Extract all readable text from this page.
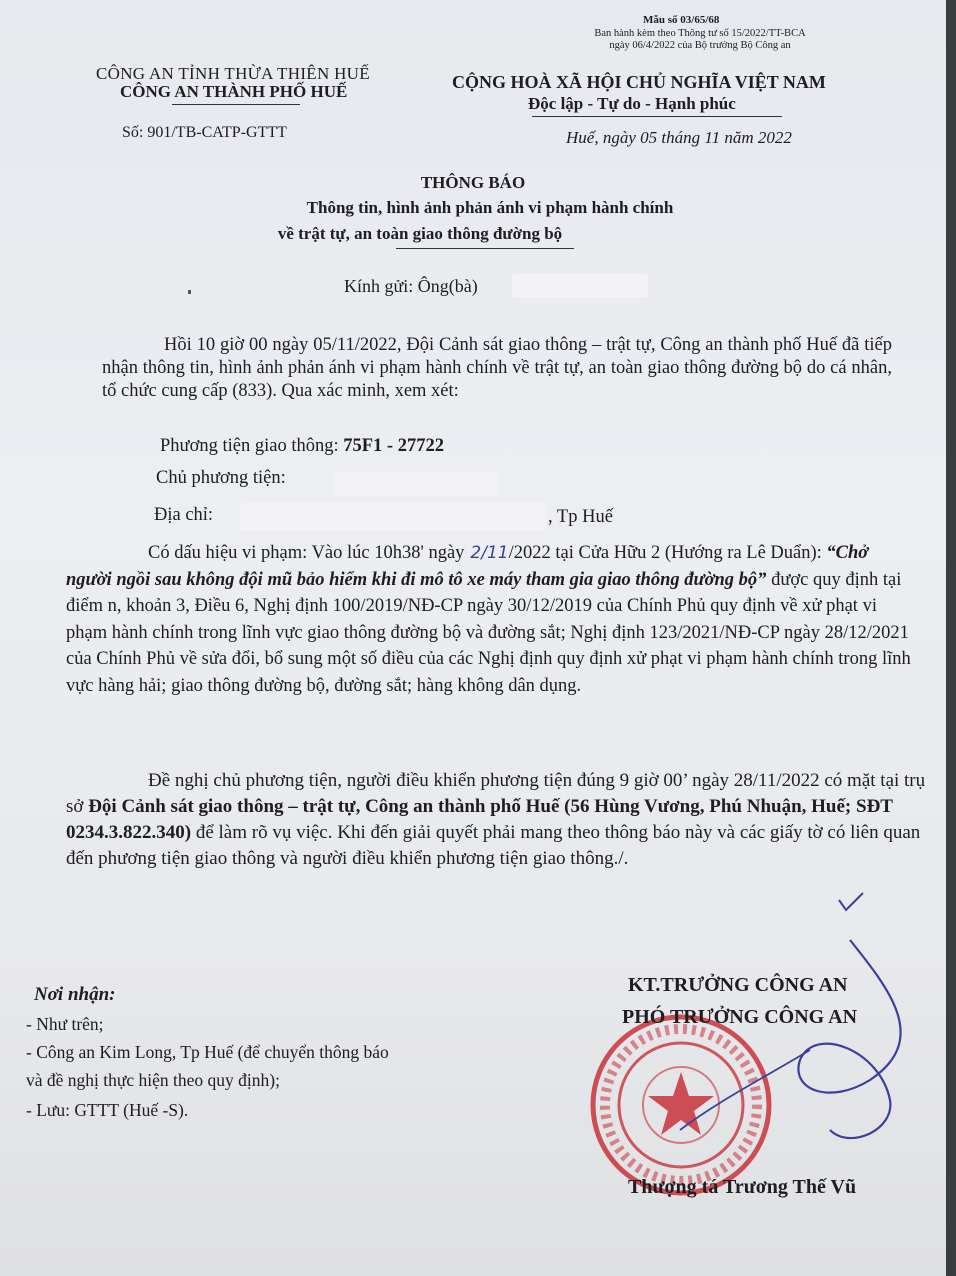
Mẫu số 03/65/68
Ban hành kèm theo Thông tư số 15/2022/TT-BCA
ngày 06/4/2022 của Bộ trưởng Bộ Công an
CÔNG AN TỈNH THỪA THIÊN HUẾ
CÔNG AN THÀNH PHỐ HUẾ	CỘNG HOÀ XÃ HỘI CHỦ NGHĨA VIỆT NAM
Độc lập - Tự do - Hạnh phúc
Số: 901/TB-CATP-GTTT	Huế, ngày 05 tháng 11 năm 2022
THÔNG BÁO
Thông tin, hình ảnh phản ánh vi phạm hành chính
về trật tự, an toàn giao thông đường bộ
Kính gửi: Ông(bà)
Hồi 10 giờ 00 ngày 05/11/2022, Đội Cảnh sát giao thông – trật tự, Công an thành phố Huế đã tiếp nhận thông tin, hình ảnh phản ánh vi phạm hành chính về trật tự, an toàn giao thông đường bộ do cá nhân, tổ chức cung cấp (833). Qua xác minh, xem xét:
Phương tiện giao thông: 75F1 - 27722
Chủ phương tiện:
Địa chỉ:	, Tp Huế
Có dấu hiệu vi phạm: Vào lúc 10h38' ngày 2/11/2022 tại Cửa Hữu 2 (Hướng ra Lê Duẩn): “Chở người ngồi sau không đội mũ bảo hiểm khi đi mô tô xe máy tham gia giao thông đường bộ” được quy định tại điểm n, khoản 3, Điều 6, Nghị định 100/2019/NĐ-CP ngày 30/12/2019 của Chính Phủ quy định về xử phạt vi phạm hành chính trong lĩnh vực giao thông đường bộ và đường sắt; Nghị định 123/2021/NĐ-CP ngày 28/12/2021 của Chính Phủ về sửa đổi, bổ sung một số điều của các Nghị định quy định xử phạt vi phạm hành chính trong lĩnh vực hàng hải; giao thông đường bộ, đường sắt; hàng không dân dụng.
Đề nghị chủ phương tiện, người điều khiển phương tiện đúng 9 giờ 00’ ngày 28/11/2022 có mặt tại trụ sở Đội Cảnh sát giao thông – trật tự, Công an thành phố Huế (56 Hùng Vương, Phú Nhuận, Huế; SĐT 0234.3.822.340) để làm rõ vụ việc. Khi đến giải quyết phải mang theo thông báo này và các giấy tờ có liên quan đến phương tiện giao thông và người điều khiển phương tiện giao thông./.
Nơi nhận:
- Như trên;
- Công an Kim Long, Tp Huế (để chuyển thông báo
và đề nghị thực hiện theo quy định);
- Lưu: GTTT (Huế -S).
KT.TRƯỞNG CÔNG AN
PHÓ TRƯỞNG CÔNG AN
Thượng tá Trương Thế Vũ
